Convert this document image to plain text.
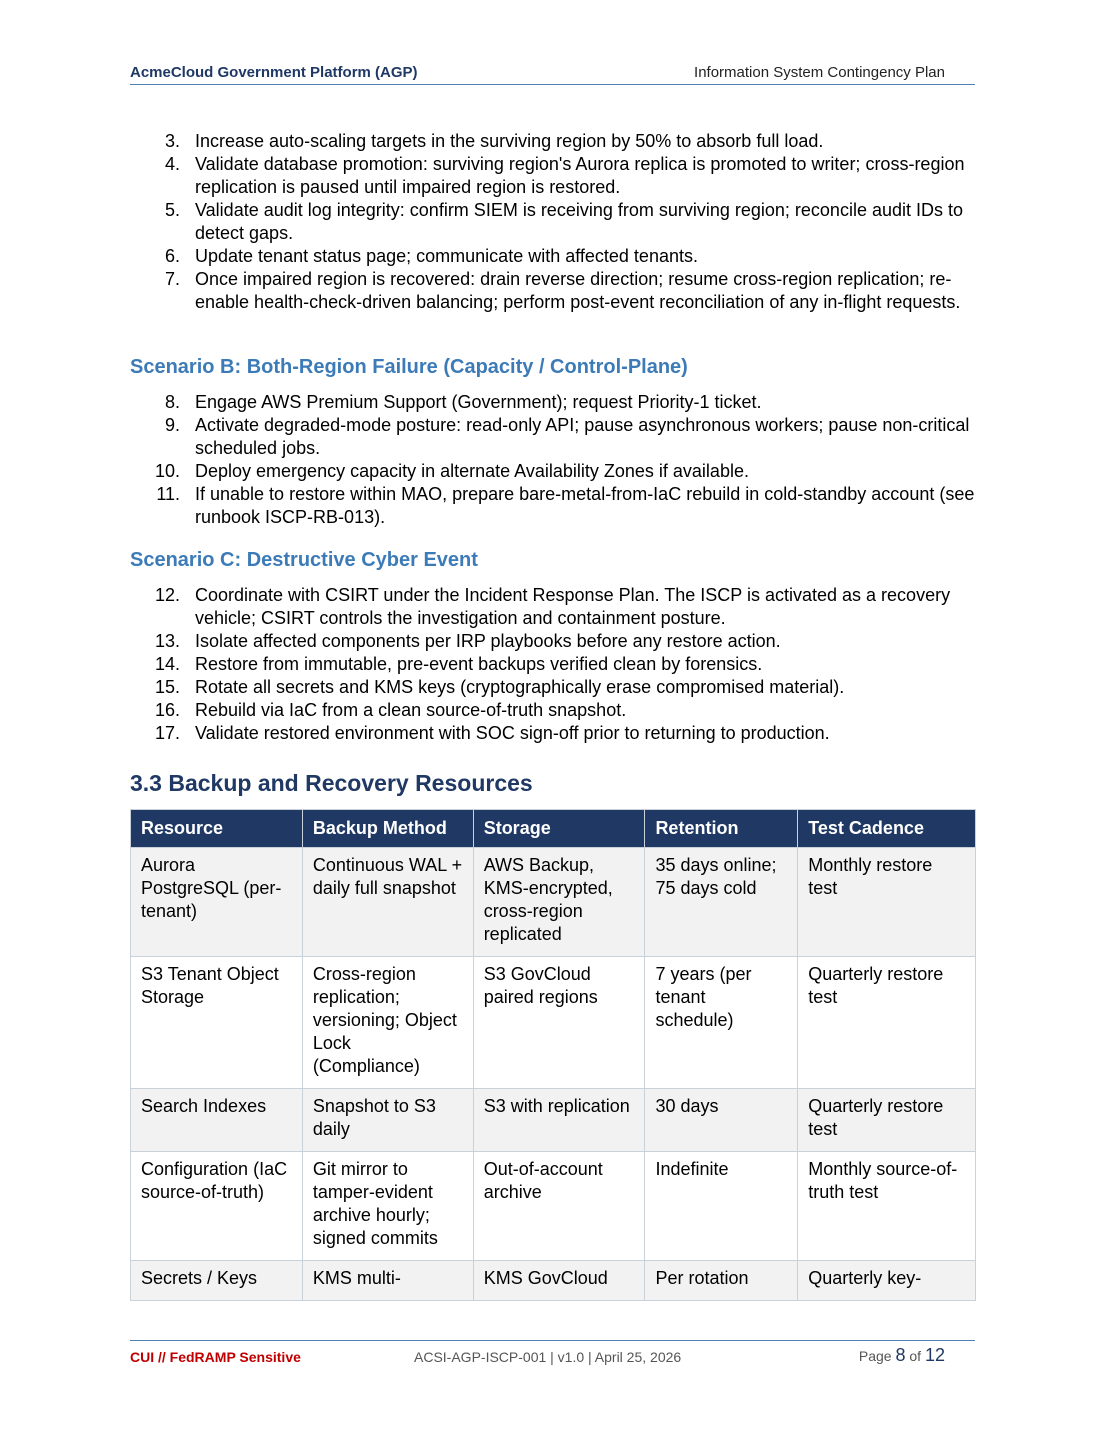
AcmeCloud Government Platform (AGP)	Information System Contingency Plan
3. Increase auto-scaling targets in the surviving region by 50% to absorb full load.
4. Validate database promotion: surviving region's Aurora replica is promoted to writer; cross-region replication is paused until impaired region is restored.
5. Validate audit log integrity: confirm SIEM is receiving from surviving region; reconcile audit IDs to detect gaps.
6. Update tenant status page; communicate with affected tenants.
7. Once impaired region is recovered: drain reverse direction; resume cross-region replication; re-enable health-check-driven balancing; perform post-event reconciliation of any in-flight requests.
Scenario B: Both-Region Failure (Capacity / Control-Plane)
8. Engage AWS Premium Support (Government); request Priority-1 ticket.
9. Activate degraded-mode posture: read-only API; pause asynchronous workers; pause non-critical scheduled jobs.
10. Deploy emergency capacity in alternate Availability Zones if available.
11. If unable to restore within MAO, prepare bare-metal-from-IaC rebuild in cold-standby account (see runbook ISCP-RB-013).
Scenario C: Destructive Cyber Event
12. Coordinate with CSIRT under the Incident Response Plan. The ISCP is activated as a recovery vehicle; CSIRT controls the investigation and containment posture.
13. Isolate affected components per IRP playbooks before any restore action.
14. Restore from immutable, pre-event backups verified clean by forensics.
15. Rotate all secrets and KMS keys (cryptographically erase compromised material).
16. Rebuild via IaC from a clean source-of-truth snapshot.
17. Validate restored environment with SOC sign-off prior to returning to production.
3.3 Backup and Recovery Resources
Resource	Backup Method	Storage	Retention	Test Cadence
Aurora PostgreSQL (per-tenant)	Continuous WAL + daily full snapshot	AWS Backup, KMS-encrypted, cross-region replicated	35 days online; 75 days cold	Monthly restore test
S3 Tenant Object Storage	Cross-region replication; versioning; Object Lock (Compliance)	S3 GovCloud paired regions	7 years (per tenant schedule)	Quarterly restore test
Search Indexes	Snapshot to S3 daily	S3 with replication	30 days	Quarterly restore test
Configuration (IaC source-of-truth)	Git mirror to tamper-evident archive hourly; signed commits	Out-of-account archive	Indefinite	Monthly source-of-truth test
Secrets / Keys	KMS multi-	KMS GovCloud	Per rotation	Quarterly key-
CUI // FedRAMP Sensitive	ACSI-AGP-ISCP-001 | v1.0 | April 25, 2026	Page 8 of 12
